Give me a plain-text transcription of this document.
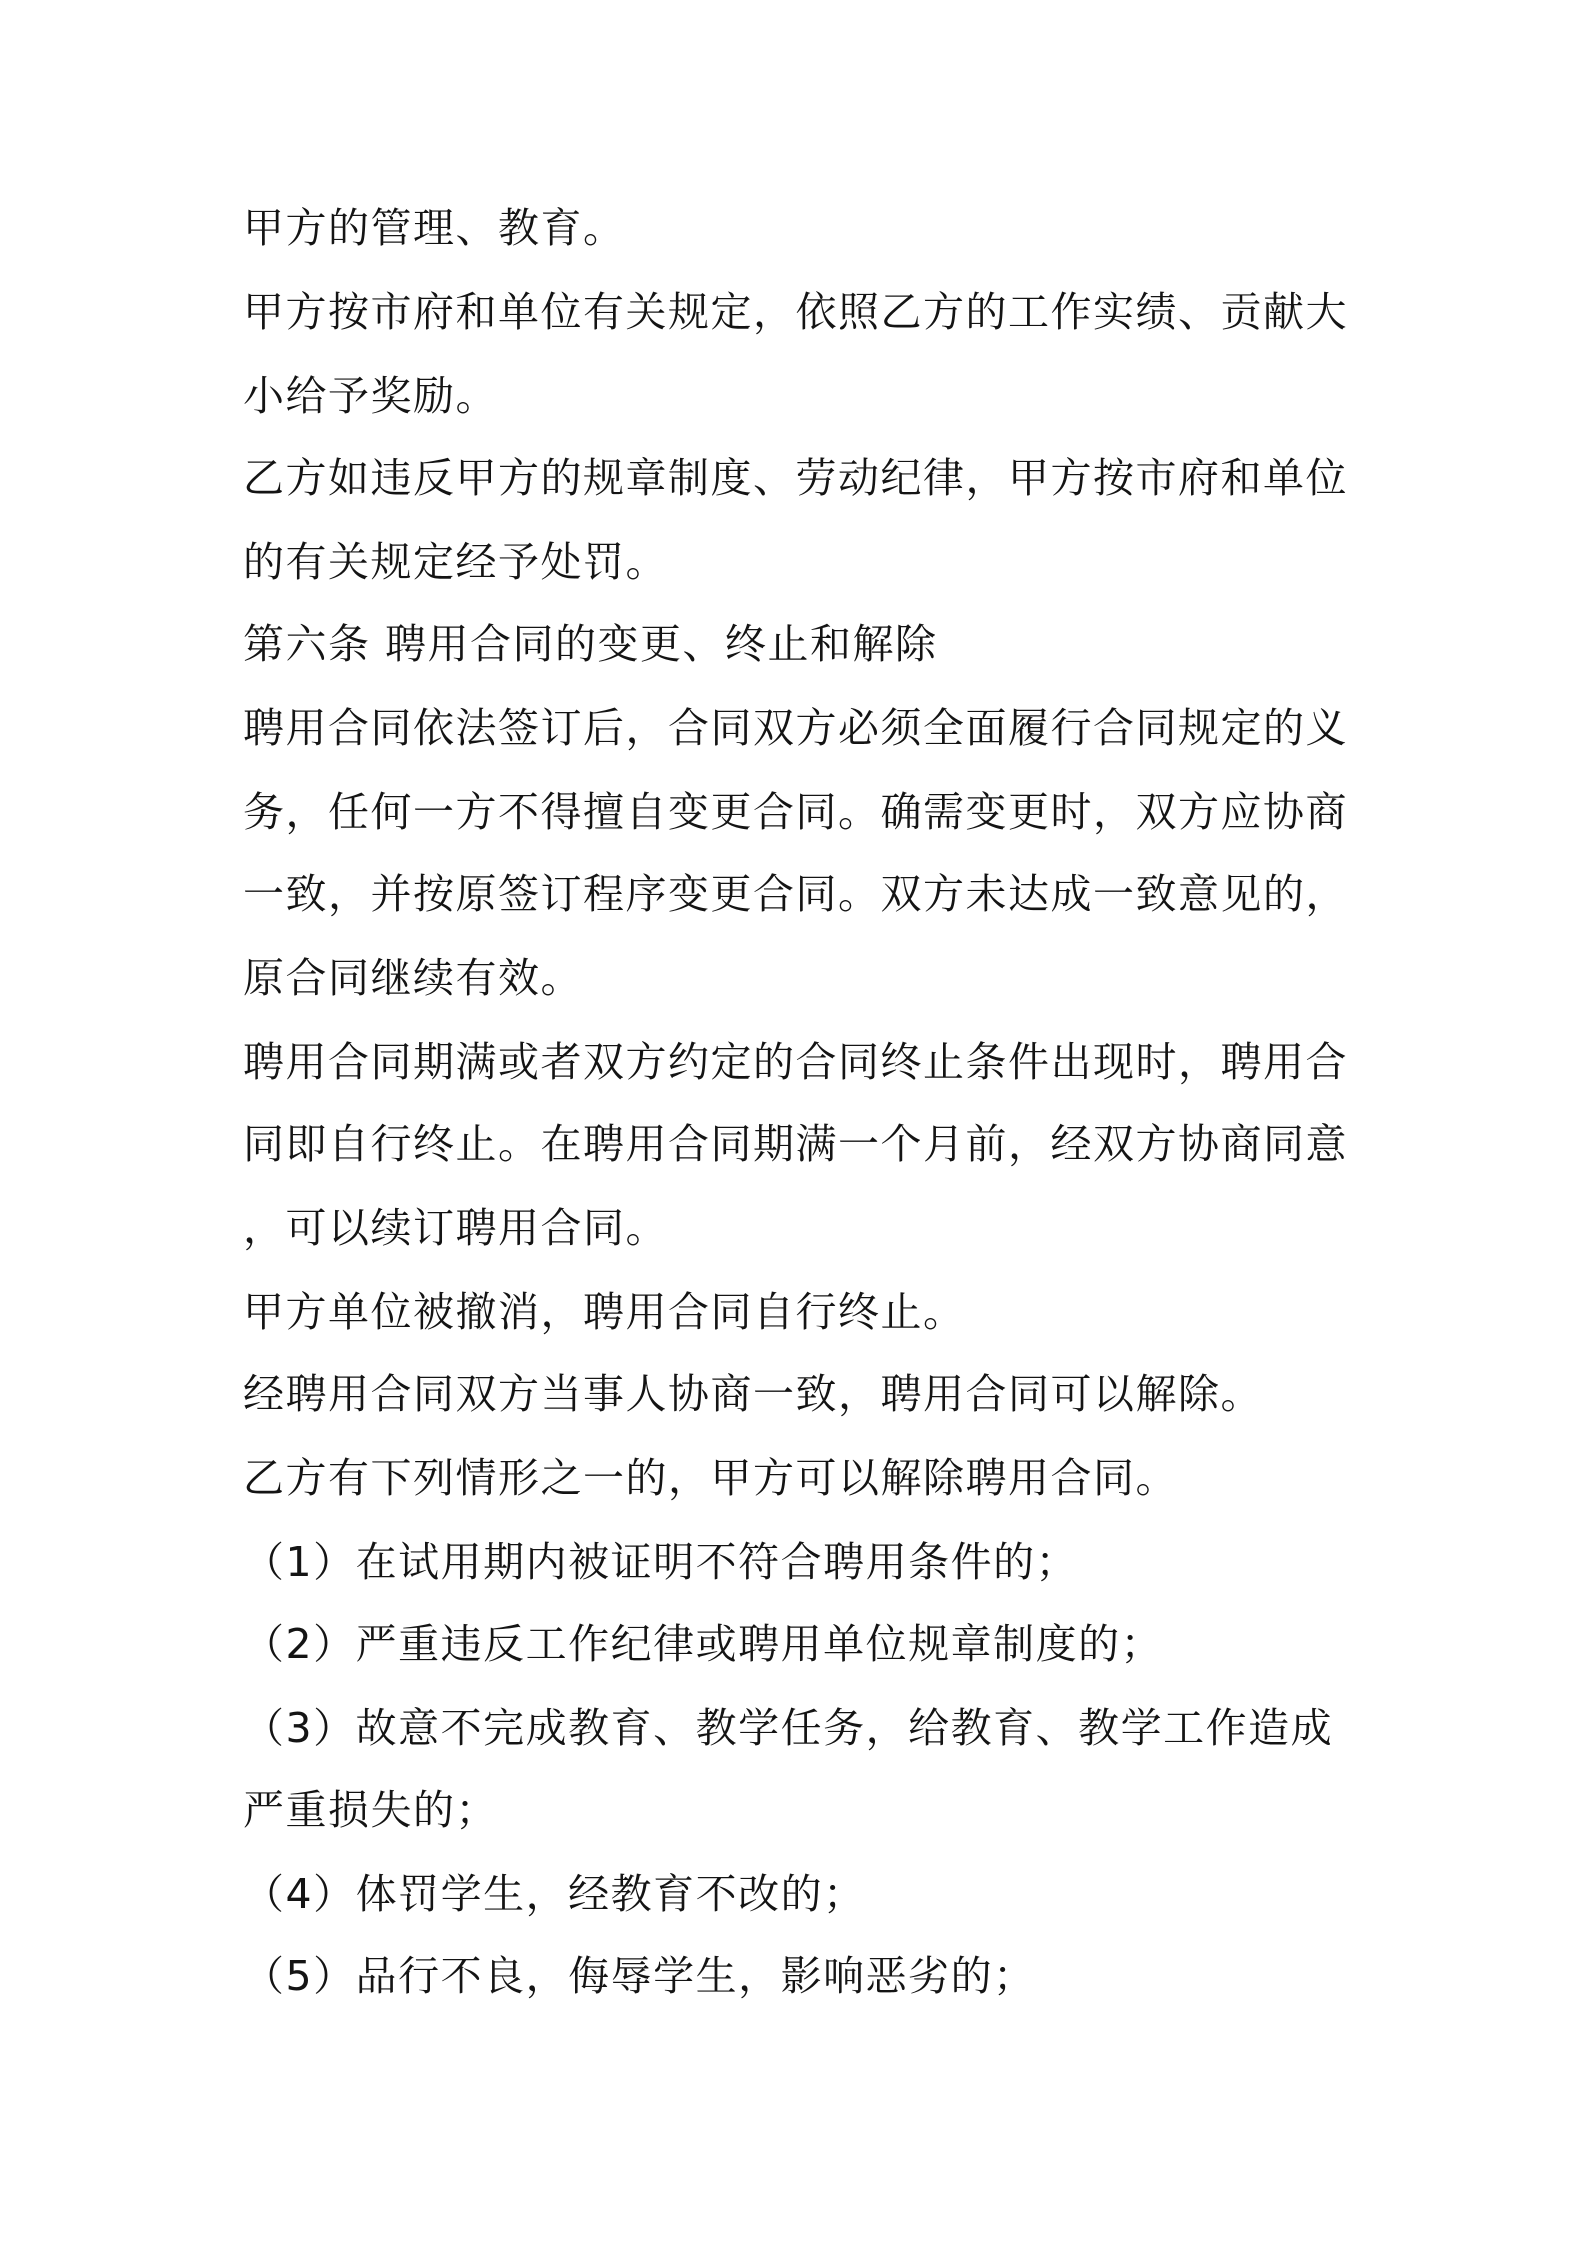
甲方的管理、教育。
甲方按市府和单位有关规定，依照乙方的工作实绩、贡献大
小给予奖励。
乙方如违反甲方的规章制度、劳动纪律，甲方按市府和单位
的有关规定经予处罚。
第六条 聘用合同的变更、终止和解除
聘用合同依法签订后，合同双方必须全面履行合同规定的义
务，任何一方不得擅自变更合同。确需变更时，双方应协商
一致，并按原签订程序变更合同。双方未达成一致意见的，
原合同继续有效。
聘用合同期满或者双方约定的合同终止条件出现时，聘用合
同即自行终止。在聘用合同期满一个月前，经双方协商同意
，可以续订聘用合同。
甲方单位被撤消，聘用合同自行终止。
经聘用合同双方当事人协商一致，聘用合同可以解除。
乙方有下列情形之一的，甲方可以解除聘用合同。
（1）在试用期内被证明不符合聘用条件的；
（2）严重违反工作纪律或聘用单位规章制度的；
（3）故意不完成教育、教学任务，给教育、教学工作造成
严重损失的；
（4）体罚学生，经教育不改的；
（5）品行不良，侮辱学生，影响恶劣的；
